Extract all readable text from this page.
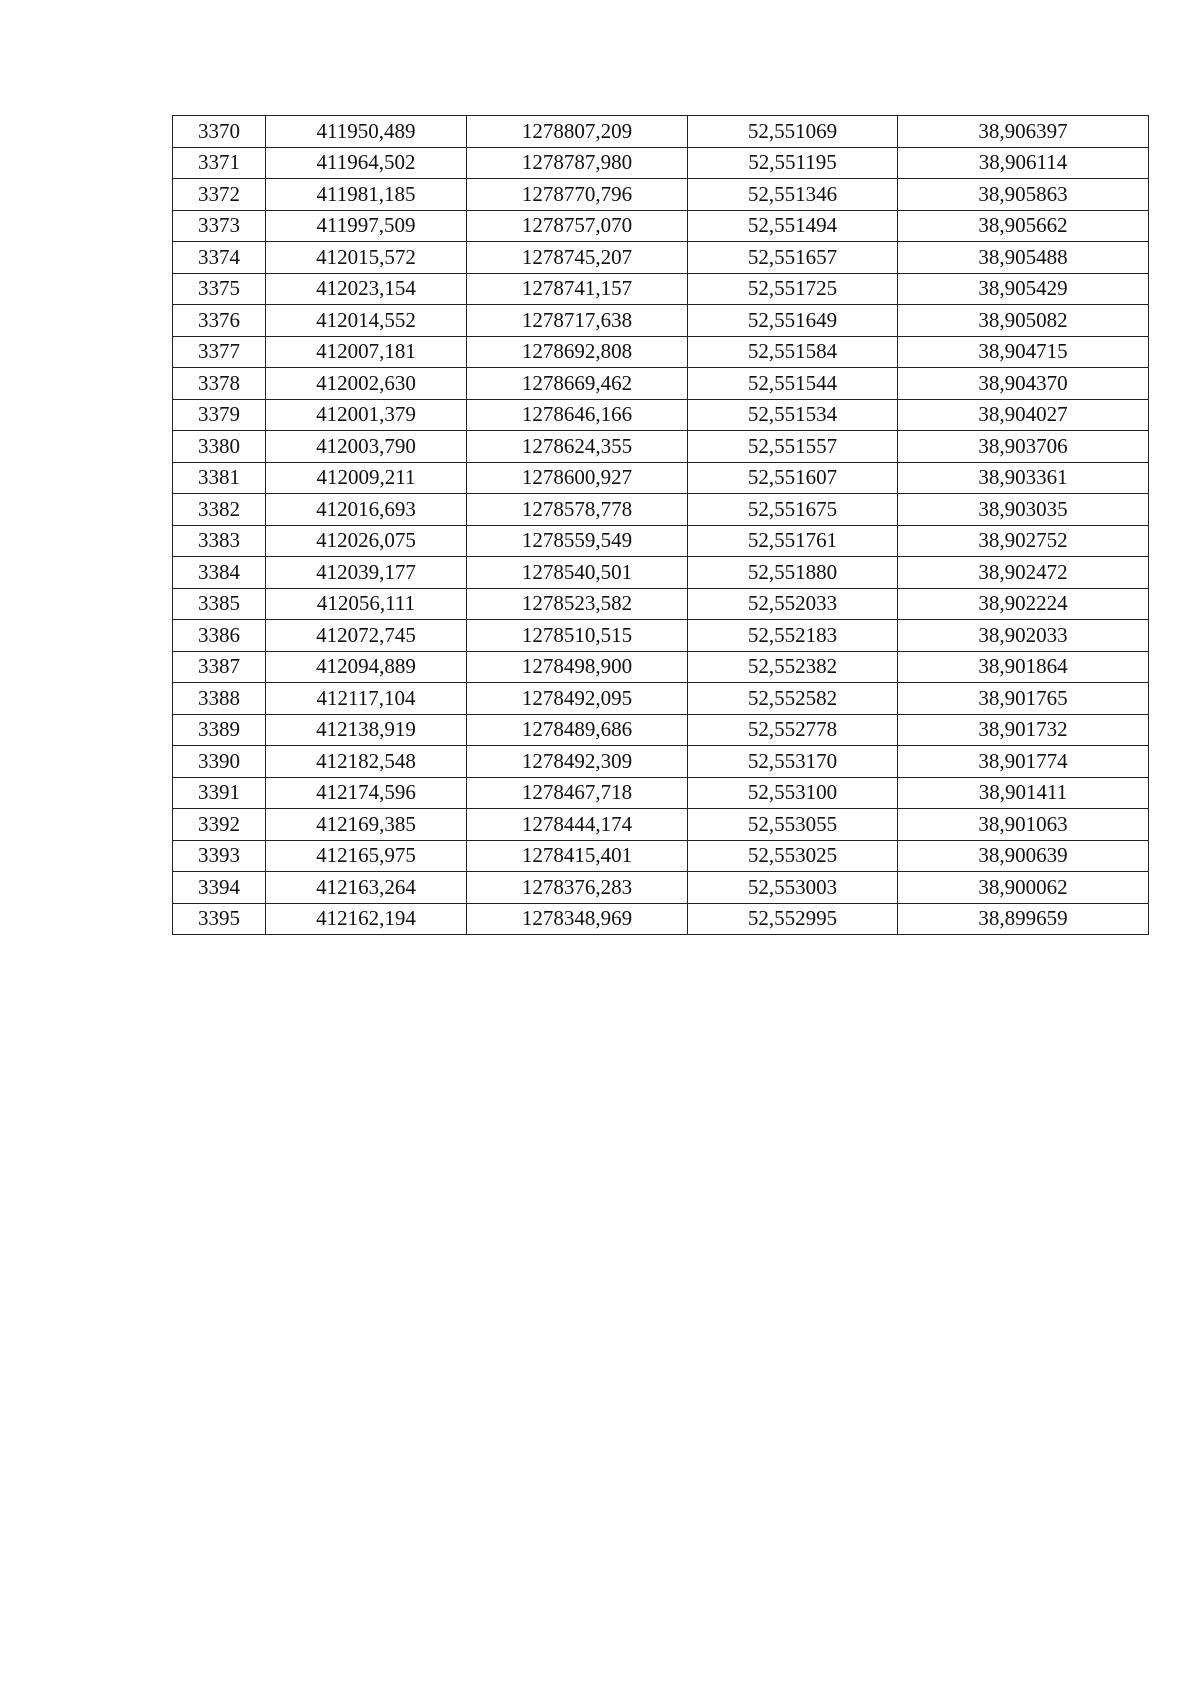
3370	411950,489	1278807,209	52,551069	38,906397
3371	411964,502	1278787,980	52,551195	38,906114
3372	411981,185	1278770,796	52,551346	38,905863
3373	411997,509	1278757,070	52,551494	38,905662
3374	412015,572	1278745,207	52,551657	38,905488
3375	412023,154	1278741,157	52,551725	38,905429
3376	412014,552	1278717,638	52,551649	38,905082
3377	412007,181	1278692,808	52,551584	38,904715
3378	412002,630	1278669,462	52,551544	38,904370
3379	412001,379	1278646,166	52,551534	38,904027
3380	412003,790	1278624,355	52,551557	38,903706
3381	412009,211	1278600,927	52,551607	38,903361
3382	412016,693	1278578,778	52,551675	38,903035
3383	412026,075	1278559,549	52,551761	38,902752
3384	412039,177	1278540,501	52,551880	38,902472
3385	412056,111	1278523,582	52,552033	38,902224
3386	412072,745	1278510,515	52,552183	38,902033
3387	412094,889	1278498,900	52,552382	38,901864
3388	412117,104	1278492,095	52,552582	38,901765
3389	412138,919	1278489,686	52,552778	38,901732
3390	412182,548	1278492,309	52,553170	38,901774
3391	412174,596	1278467,718	52,553100	38,901411
3392	412169,385	1278444,174	52,553055	38,901063
3393	412165,975	1278415,401	52,553025	38,900639
3394	412163,264	1278376,283	52,553003	38,900062
3395	412162,194	1278348,969	52,552995	38,899659
